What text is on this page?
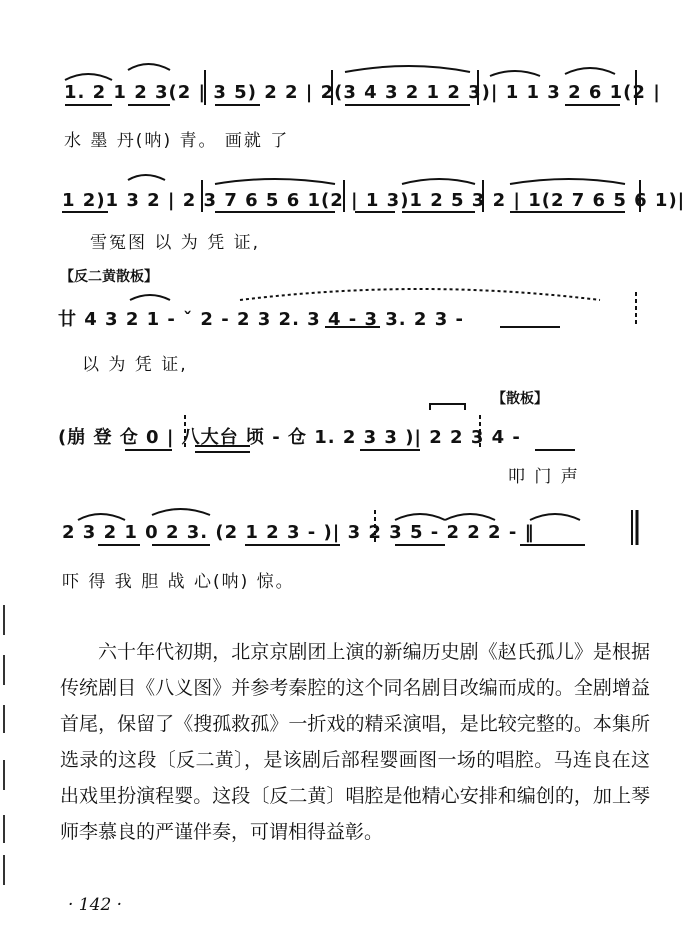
1. 2 1 2 3(2 | 3 5) 2 2 | 2(3 4 3 2 1 2 3)| 1 1 3 2 6 1(2 |
水 墨 丹(呐) 青。 画就 了
1 2)1 3 2 | 2 3 7 6 5 6 1(2 | 1 3)1 2 5 3 2 | 1(2 7 6 5 6 1)|
雪冤图 以 为 凭 证,
【反二黄散板】
廿 4 3 2 1 - ˇ 2 - 2 3 2. 3 4 - 3 3. 2 3 -
以 为 凭 证,
【散板】
(崩 登 仓 0 | 八大台 顷 - 仓 1. 2 3 3 )| 2 2 3 4 -
叩 门 声
2 3 2 1 0 2 3. (2 1 2 3 - )| 3 2 3 5 - 2 2 2 - ‖
吓 得 我 胆 战 心(呐) 惊。
六十年代初期，北京京剧团上演的新编历史剧《赵氏孤儿》是根据传统剧目《八义图》并参考秦腔的这个同名剧目改编而成的。全剧增益首尾，保留了《搜孤救孤》一折戏的精采演唱，是比较完整的。本集所选录的这段〔反二黄〕，是该剧后部程婴画图一场的唱腔。马连良在这出戏里扮演程婴。这段〔反二黄〕唱腔是他精心安排和编创的，加上琴师李慕良的严谨伴奏，可谓相得益彰。
· 142 ·
